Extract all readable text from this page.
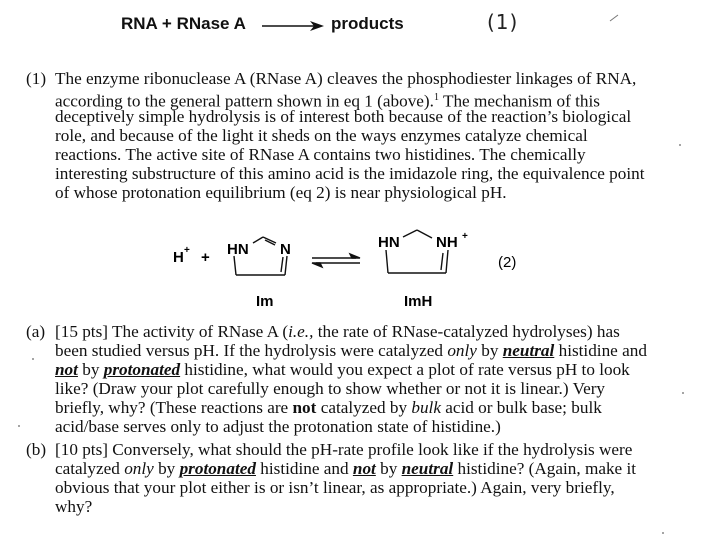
RNA + RNase A → products	(1)
(1) The enzyme ribonuclease A (RNase A) cleaves the phosphodiester linkages of RNA,
according to the general pattern shown in eq 1 (above).$^1$ The mechanism of this
deceptively simple hydrolysis is of interest both because of the reaction’s biological
role, and because of the light it sheds on the ways enzymes catalyze chemical
reactions. The active site of RNase A contains two histidines. The chemically
interesting substructure of this amino acid is the imidazole ring, the equivalence point
of whose protonation equilibrium (eq 2) is near physiological pH.
H + + HN N	HN NH +
(2)
Im	ImH
(a) [15 pts] The activity of RNase A (i.e., the rate of RNase-catalyzed hydrolyses) has
been studied versus pH. If the hydrolysis were catalyzed only by neutral histidine and
not by protonated histidine, what would you expect a plot of rate versus pH to look
like? (Draw your plot carefully enough to show whether or not it is linear.) Very
briefly, why? (These reactions are not catalyzed by bulk acid or bulk base; bulk
acid/base serves only to adjust the protonation state of histidine.)
(b) [10 pts] Conversely, what should the pH-rate profile look like if the hydrolysis were
catalyzed only by protonated histidine and not by neutral histidine? (Again, make it
obvious that your plot either is or isn’t linear, as appropriate.) Again, very briefly,
why?
